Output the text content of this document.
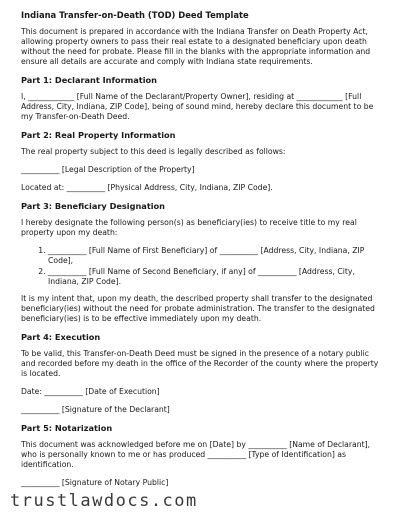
Indiana Transfer-on-Death (TOD) Deed Template

This document is prepared in accordance with the Indiana Transfer on Death Property Act, allowing property owners to pass their real estate to a designated beneficiary upon death without the need for probate. Please fill in the blanks with the appropriate information and ensure all details are accurate and comply with Indiana state requirements.

Part 1: Declarant Information

I, ____________ [Full Name of the Declarant/Property Owner], residing at ____________ [Full Address, City, Indiana, ZIP Code], being of sound mind, hereby declare this document to be my Transfer-on-Death Deed.

Part 2: Real Property Information

The real property subject to this deed is legally described as follows:

__________ [Legal Description of the Property]

Located at: __________ [Physical Address, City, Indiana, ZIP Code].

Part 3: Beneficiary Designation

I hereby designate the following person(s) as beneficiary(ies) to receive title to my real property upon my death:

1. __________ [Full Name of First Beneficiary] of __________ [Address, City, Indiana, ZIP Code],
2. __________ [Full Name of Second Beneficiary, if any] of __________ [Address, City, Indiana, ZIP Code].

It is my intent that, upon my death, the described property shall transfer to the designated beneficiary(ies) without the need for probate administration. The transfer to the designated beneficiary(ies) is to be effective immediately upon my death.

Part 4: Execution

To be valid, this Transfer-on-Death Deed must be signed in the presence of a notary public and recorded before my death in the office of the Recorder of the county where the property is located.

Date: __________ [Date of Execution]

__________ [Signature of the Declarant]

Part 5: Notarization

This document was acknowledged before me on [Date] by __________ [Name of Declarant], who is personally known to me or has produced __________ [Type of Identification] as identification.

__________ [Signature of Notary Public]

trustlawdocs.com
